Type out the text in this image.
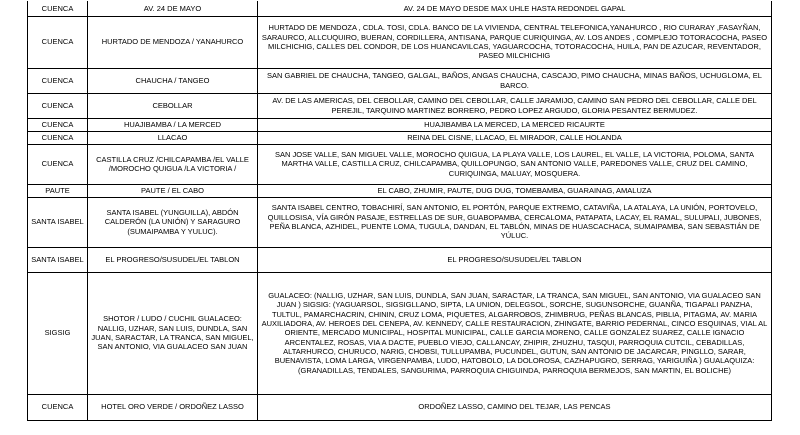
CUENCA	AV. 24 DE MAYO	AV. 24 DE MAYO DESDE MAX UHLE HASTA REDONDEL GAPAL
CUENCA	HURTADO DE MENDOZA / YANAHURCO	HURTADO DE MENDOZA , CDLA. TOSI, CDLA. BANCO DE LA VIVIENDA, CENTRAL TELEFONICA,YANAHURCO , RIO CURARAY ,FASAYÑAN, SARAURCO, ALLCUQUIRO, BUERAN, CORDILLERA, ANTISANA, PARQUE CURIQUINGA, AV. LOS ANDES , COMPLEJO TOTORACOCHA, PASEO MILCHICHIG, CALLES DEL CONDOR, DE LOS HUANCAVILCAS, YAGUARCOCHA, TOTORACOCHA, HUILA, PAN DE AZUCAR, REVENTADOR, PASEO MILCHICHIG
CUENCA	CHAUCHA / TANGEO	SAN GABRIEL DE CHAUCHA, TANGEO, GALGAL, BAÑOS, ANGAS CHAUCHA, CASCAJO, PIMO CHAUCHA, MINAS BAÑOS, UCHUGLOMA, EL BARCO.
CUENCA	CEBOLLAR	AV. DE LAS AMERICAS, DEL CEBOLLAR, CAMINO DEL CEBOLLAR, CALLE JARAMIJO, CAMINO SAN PEDRO DEL CEBOLLAR, CALLE DEL PEREJIL, TARQUINO MARTINEZ BORRERO, PEDRO LOPEZ ARGUDO, GLORIA PESANTEZ BERMUDEZ.
CUENCA	HUAJIBAMBA / LA MERCED	HUAJIBAMBA LA MERCED, LA MERCED RICAURTE
CUENCA	LLACAO	REINA DEL CISNE, LLACAO, EL MIRADOR, CALLE HOLANDA
CUENCA	CASTILLA CRUZ /CHILCAPAMBA /EL VALLE /MOROCHO QUIGUA /LA VICTORIA /	SAN JOSE VALLE, SAN MIGUEL VALLE, MOROCHO QUIGUA, LA PLAYA VALLE, LOS LAUREL, EL VALLE, LA VICTORIA, POLOMA, SANTA MARTHA VALLE, CASTILLA CRUZ, CHILCAPAMBA, QUILLOPUNGO, SAN ANTONIO VALLE, PAREDONES VALLE, CRUZ DEL CAMINO, CURIQUINGA, MALUAY, MOSQUERA.
PAUTE	PAUTE / EL CABO	EL CABO, ZHUMIR, PAUTE, DUG DUG, TOMEBAMBA, GUARAINAG, AMALUZA
SANTA ISABEL	SANTA ISABEL (YUNGUILLA), ABDÓN CALDERÓN (LA UNIÓN) Y SARAGURO (SUMAIPAMBA Y YULUC).	SANTA ISABEL CENTRO, TOBACHIRÍ, SAN ANTONIO, EL PORTÓN, PARQUE EXTREMO, CATAVIÑA, LA ATALAYA, LA UNIÓN, PORTOVELO, QUILLOSISA, VÍA GIRÓN PASAJE, ESTRELLAS DE SUR, GUABOPAMBA, CERCALOMA, PATAPATA, LACAY, EL RAMAL, SULUPALI, JUBONES, PEÑA BLANCA, AZHIDEL, PUENTE LOMA, TUGULA, DANDAN, EL TABLÓN, MINAS DE HUASCACHACA, SUMAIPAMBA, SAN SEBASTIÁN DE YÚLUC.
SANTA ISABEL	EL PROGRESO/SUSUDEL/EL TABLON	EL PROGRESO/SUSUDEL/EL TABLON
SIGSIG	SHOTOR / LUDO / CUCHIL GUALACEO: NALLIG, UZHAR, SAN LUIS, DUNDLA, SAN JUAN, SARACTAR, LA TRANCA, SAN MIGUEL, SAN ANTONIO, VIA GUALACEO SAN JUAN	GUALACEO: (NALLIG, UZHAR, SAN LUIS, DUNDLA, SAN JUAN, SARACTAR, LA TRANCA, SAN MIGUEL, SAN ANTONIO, VIA GUALACEO SAN JUAN ) SIGSIG: (YAGUARSOL, SIGSIGLLANO, SIPTA, LA UNION, DELEGSOL, SORCHE, SUGUNSORCHE, GUANÑA, TIGAPALI PANZHA, TULTUL, PAMARCHACRIN, CHININ, CRUZ LOMA, PIQUETES, ALGARROBOS, ZHIMBRUG, PEÑAS BLANCAS, PIBLIA, PITAGMA, AV. MARIA AUXILIADORA, AV. HEROES DEL CENEPA, AV. KENNEDY, CALLE RESTAURACION, ZHINGATE, BARRIO PEDERNAL, CINCO ESQUINAS, VIAL AL ORIENTE, MERCADO MUNICIPAL, HOSPITAL MUNICIPAL, CALLE GARCIA MORENO, CALLE GONZALEZ SUAREZ, CALLE IGNACIO ARCENTALEZ, ROSAS, VIA A DACTE, PUEBLO VIEJO, CALLANCAY, ZHIPIR, ZHUZHU, TASQUI, PARROQUIA CUTCIL, CEBADILLAS, ALTARHURCO, CHURUCO, NARIG, CHOBSI, TULLUPAMBA, PUCUNDEL, GUTUN, SAN ANTONIO DE JACARCAR, PINGLLO, SARAR, BUENAVISTA, LOMA LARGA, VIRGENPAMBA, LUDO, HATOBOLO, LA DOLOROSA, CAZHAPUGRO, SERRAG, YARIGUIÑA ) GUALAQUIZA: (GRANADILLAS, TENDALES, SANGURIMA, PARROQUIA CHIGUINDA, PARROQUIA BERMEJOS, SAN MARTIN, EL BOLICHE)
CUENCA	HOTEL ORO VERDE / ORDOÑEZ LASSO	ORDOÑEZ LASSO, CAMINO DEL TEJAR, LAS PENCAS
